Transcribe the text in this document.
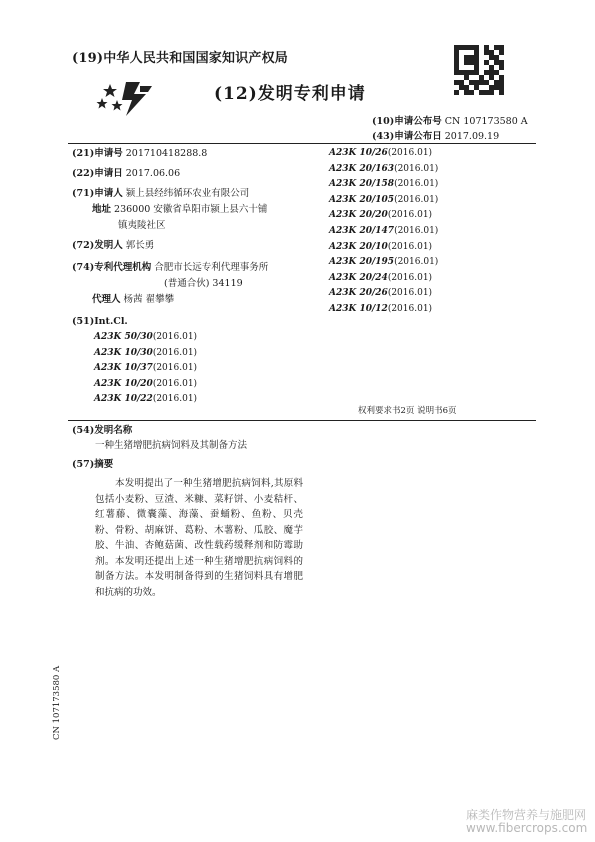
(19)中华人民共和国国家知识产权局
(12)发明专利申请
(10)申请公布号 CN 107173580 A
(43)申请公布日 2017.09.19
(21)申请号 201710418288.8
(22)申请日 2017.06.06
(71)申请人 颍上县经纬循环农业有限公司
地址 236000 安徽省阜阳市颍上县六十铺
镇夷陵社区
(72)发明人 郭长勇
(74)专利代理机构 合肥市长远专利代理事务所
(普通合伙) 34119
代理人 杨茜 翟攀攀
(51)Int.Cl.
A23K 50/30(2016.01)
A23K 10/30(2016.01)
A23K 10/37(2016.01)
A23K 10/20(2016.01)
A23K 10/22(2016.01)
A23K 10/26(2016.01)
A23K 20/163(2016.01)
A23K 20/158(2016.01)
A23K 20/105(2016.01)
A23K 20/20(2016.01)
A23K 20/147(2016.01)
A23K 20/10(2016.01)
A23K 20/195(2016.01)
A23K 20/24(2016.01)
A23K 20/26(2016.01)
A23K 10/12(2016.01)
权利要求书2页 说明书6页
(54)发明名称
一种生猪增肥抗病饲料及其制备方法
(57)摘要
本发明提出了一种生猪增肥抗病饲料,其原料包括小麦粉、豆渣、米糠、菜籽饼、小麦秸杆、红薯藤、微囊藻、海藻、蚕蛹粉、鱼粉、贝壳粉、骨粉、胡麻饼、葛粉、木薯粉、瓜胶、魔芋胶、牛油、杏鲍菇菌、改性载药缓释剂和防霉助剂。本发明还提出上述一种生猪增肥抗病饲料的制备方法。本发明制备得到的生猪饲料具有增肥和抗病的功效。
CN 107173580 A
麻类作物营养与施肥网
www.fibercrops.com
